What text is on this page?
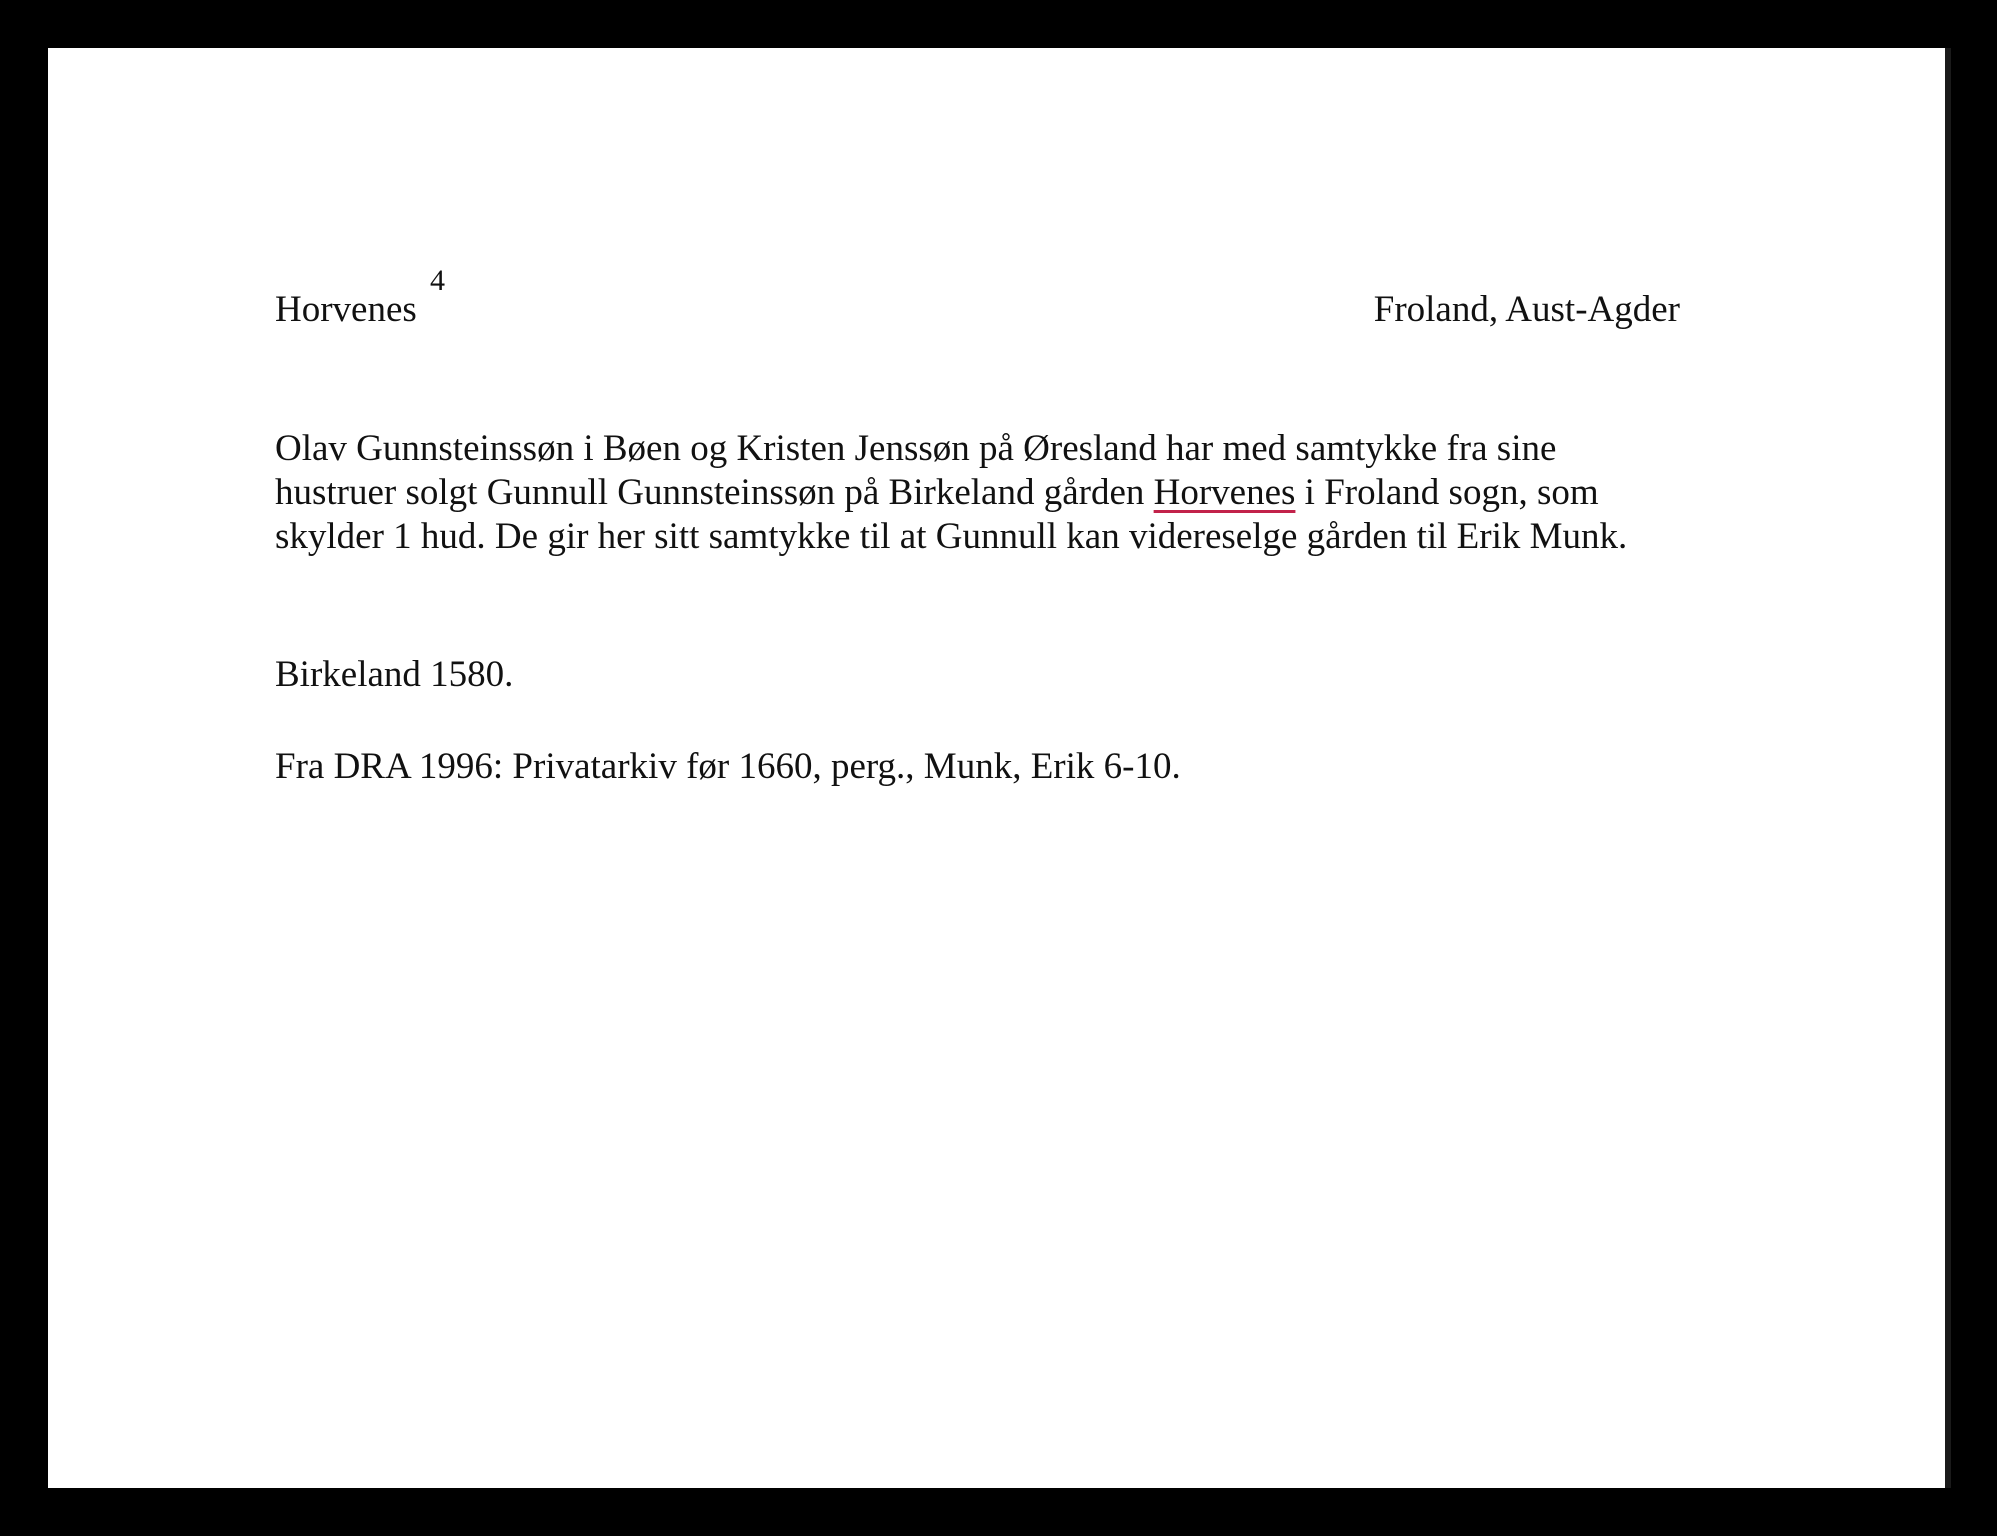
Horvenes
4
Froland, Aust-Agder
Olav Gunnsteinssøn i Bøen og Kristen Jenssøn på Øresland har med samtykke fra sine
hustruer solgt Gunnull Gunnsteinssøn på Birkeland gården Horvenes i Froland sogn, som
skylder 1 hud. De gir her sitt samtykke til at Gunnull kan videreselge gården til Erik Munk.
Birkeland 1580.
Fra DRA 1996: Privatarkiv før 1660, perg., Munk, Erik 6-10.
